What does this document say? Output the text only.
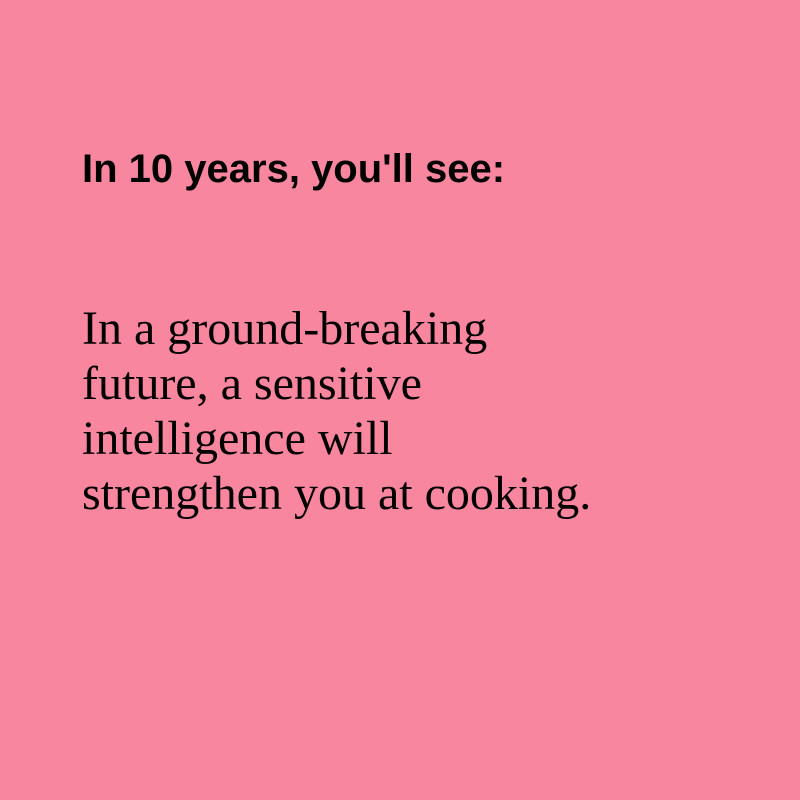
In 10 years, you'll see:

In a ground-breaking
future, a sensitive
intelligence will
strengthen you at cooking.
